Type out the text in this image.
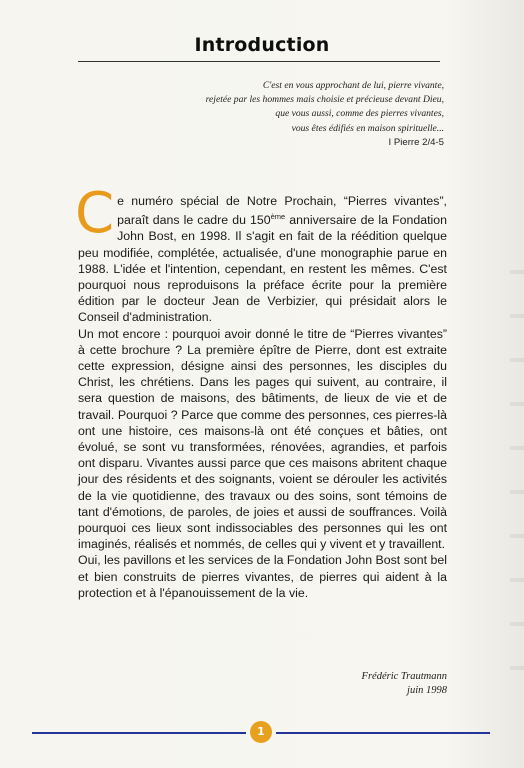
Introduction
C'est en vous approchant de lui, pierre vivante,
rejetée par les hommes mais choisie et précieuse devant Dieu,
que vous aussi, comme des pierres vivantes,
vous êtes édifiés en maison spirituelle...
I Pierre 2/4-5

Ce numéro spécial de Notre Prochain, “Pierres vivantes”, paraît dans le cadre du 150ème anniversaire de la Fondation John Bost, en 1998. Il s'agit en fait de la réédition quelque peu modifiée, complétée, actualisée, d'une monographie parue en 1988. L'idée et l'intention, cependant, en restent les mêmes. C'est pourquoi nous reproduisons la préface écrite pour la première édition par le docteur Jean de Verbizier, qui présidait alors le Conseil d'administration.

Un mot encore : pourquoi avoir donné le titre de “Pierres vivantes” à cette brochure ? La première épître de Pierre, dont est extraite cette expression, désigne ainsi des personnes, les disciples du Christ, les chrétiens. Dans les pages qui suivent, au contraire, il sera question de maisons, des bâtiments, de lieux de vie et de travail. Pourquoi ? Parce que comme des personnes, ces pierres-là ont une histoire, ces maisons-là ont été conçues et bâties, ont évolué, se sont vu transformées, rénovées, agrandies, et parfois ont disparu. Vivantes aussi parce que ces maisons abritent chaque jour des résidents et des soignants, voient se dérouler les activités de la vie quotidienne, des travaux ou des soins, sont témoins de tant d'émotions, de paroles, de joies et aussi de souffrances. Voilà pourquoi ces lieux sont indissociables des personnes qui les ont imaginés, réalisés et nommés, de celles qui y vivent et y travaillent.

Oui, les pavillons et les services de la Fondation John Bost sont bel et bien construits de pierres vivantes, de pierres qui aident à la protection et à l'épanouissement de la vie.

Frédéric Trautmann
juin 1998
1
